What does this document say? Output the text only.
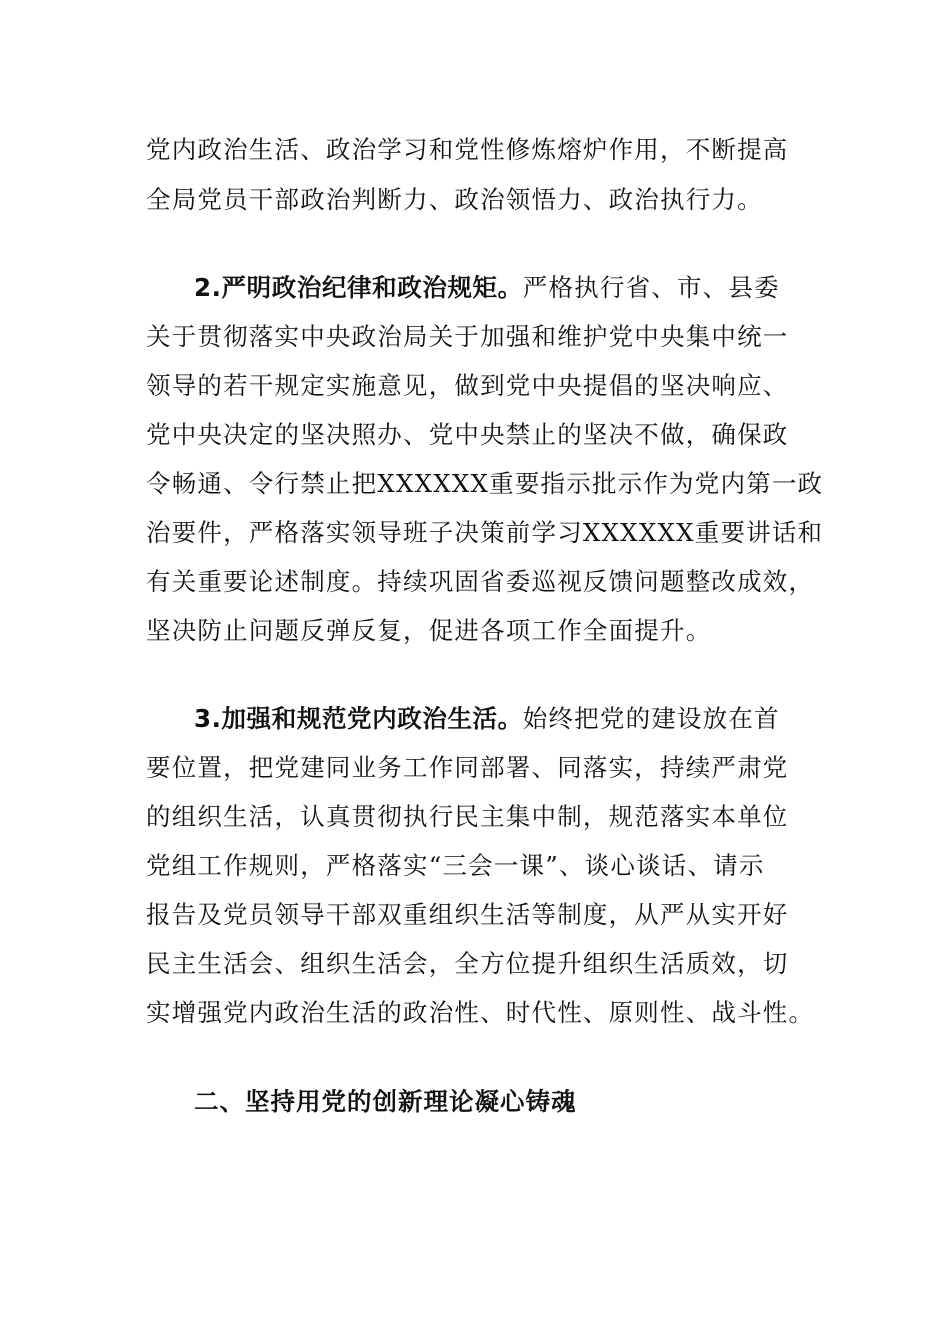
党内政治生活、政治学习和党性修炼熔炉作用，不断提高
全局党员干部政治判断力、政治领悟力、政治执行力。
2.严明政治纪律和政治规矩。严格执行省、市、县委
关于贯彻落实中央政治局关于加强和维护党中央集中统一
领导的若干规定实施意见，做到党中央提倡的坚决响应、
党中央决定的坚决照办、党中央禁止的坚决不做，确保政
令畅通、令行禁止把XXXXXX重要指示批示作为党内第一政
治要件，严格落实领导班子决策前学习XXXXXX重要讲话和
有关重要论述制度。持续巩固省委巡视反馈问题整改成效，
坚决防止问题反弹反复，促进各项工作全面提升。
3.加强和规范党内政治生活。始终把党的建设放在首
要位置，把党建同业务工作同部署、同落实，持续严肃党
的组织生活，认真贯彻执行民主集中制，规范落实本单位
党组工作规则，严格落实“三会一课”、谈心谈话、请示
报告及党员领导干部双重组织生活等制度，从严从实开好
民主生活会、组织生活会，全方位提升组织生活质效，切
实增强党内政治生活的政治性、时代性、原则性、战斗性。
二、坚持用党的创新理论凝心铸魂
